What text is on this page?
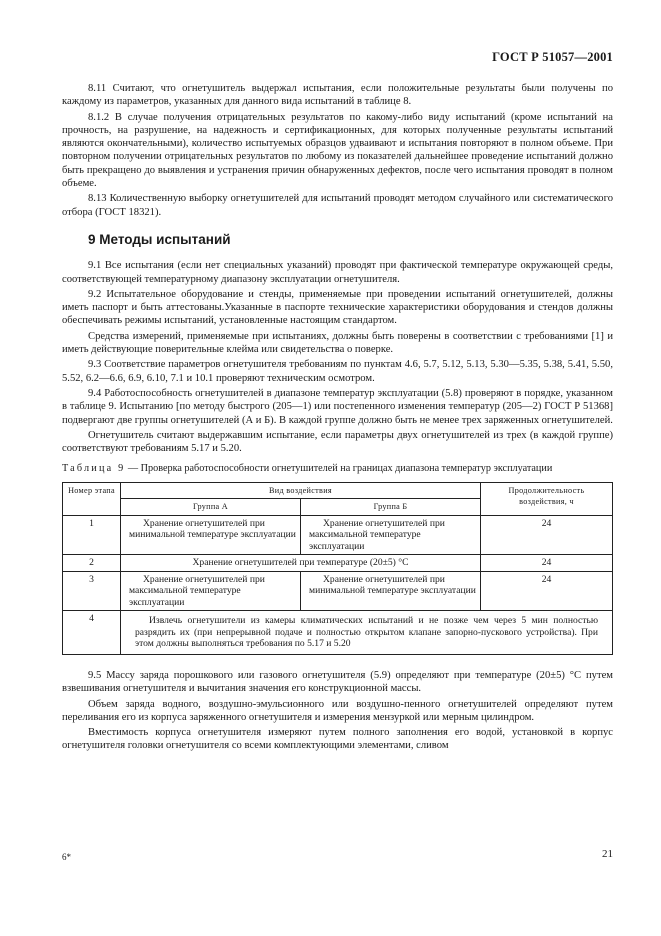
ГОСТ Р 51057—2001

8.11 Считают, что огнетушитель выдержал испытания, если положительные результаты были получены по каждому из параметров, указанных для данного вида испытаний в таблице 8.

8.1.2 В случае получения отрицательных результатов по какому-либо виду испытаний (кроме испытаний на прочность, на разрушение, на надежность и сертификационных, для которых полученные результаты испытаний являются окончательными), количество испытуемых образцов удваивают и испытания повторяют в полном объеме. При повторном получении отрицательных результатов по любому из показателей дальнейшее проведение испытаний должно быть прекращено до выявления и устранения причин обнаруженных дефектов, после чего испытания проводят в полном объеме.

8.13 Количественную выборку огнетушителей для испытаний проводят методом случайного или систематического отбора (ГОСТ 18321).

9 Методы испытаний

9.1 Все испытания (если нет специальных указаний) проводят при фактической температуре окружающей среды, соответствующей температурному диапазону эксплуатации огнетушителя.

9.2 Испытательное оборудование и стенды, применяемые при проведении испытаний огнетушителей, должны иметь паспорт и быть аттестованы.Указанные в паспорте технические характеристики оборудования и стендов должны обеспечивать режимы испытаний, установленные настоящим стандартом.

Средства измерений, применяемые при испытаниях, должны быть поверены в соответствии с требованиями [1] и иметь действующие поверительные клейма или свидетельства о поверке.

9.3 Соответствие параметров огнетушителя требованиям по пунктам 4.6, 5.7, 5.12, 5.13, 5.30—5.35, 5.38, 5.41, 5.50, 5.52, 6.2—6.6, 6.9, 6.10, 7.1 и 10.1 проверяют техническим осмотром.

9.4 Работоспособность огнетушителей в диапазоне температур эксплуатации (5.8) проверяют в порядке, указанном в таблице 9. Испытанию [по методу быстрого (205—1) или постепенного изменения температур (205—2) ГОСТ Р 51368] подвергают две группы огнетушителей (А и Б). В каждой группе должно быть не менее трех заряженных огнетушителей.

Огнетушитель считают выдержавшим испытание, если параметры двух огнетушителей из трех (в каждой группе) соответствуют требованиям 5.17 и 5.20.

Таблица 9 — Проверка работоспособности огнетушителей на границах диапазона температур эксплуатации

Номер этапа	Вид воздействия		Продолжительность воздействия, ч
	Группа А	Группа Б	
1	Хранение огнетушителей при минимальной температуре эксплуатации	Хранение огнетушителей при максимальной температуре эксплуатации	24
2	Хранение огнетушителей при температуре (20±5) °С		24
3	Хранение огнетушителей при максимальной температуре эксплуатации	Хранение огнетушителей при минимальной температуре эксплуатации	24
4	Извлечь огнетушители из камеры климатических испытаний и не позже чем через 5 мин полностью разрядить их (при непрерывной подаче и полностью открытом клапане запорно-пускового устройства). При этом должны выполняться требования по 5.17 и 5.20		

9.5 Массу заряда порошкового или газового огнетушителя (5.9) определяют при температуре (20±5) °С путем взвешивания огнетушителя и вычитания значения его конструкционной массы.

Объем заряда водного, воздушно-эмульсионного или воздушно-пенного огнетушителей определяют путем переливания его из корпуса заряженного огнетушителя и измерения мензуркой или мерным цилиндром.

Вместимость корпуса огнетушителя измеряют путем полного заполнения его водой, установкой в корпус огнетушителя головки огнетушителя со всеми комплектующими элементами, сливом

6*	21
